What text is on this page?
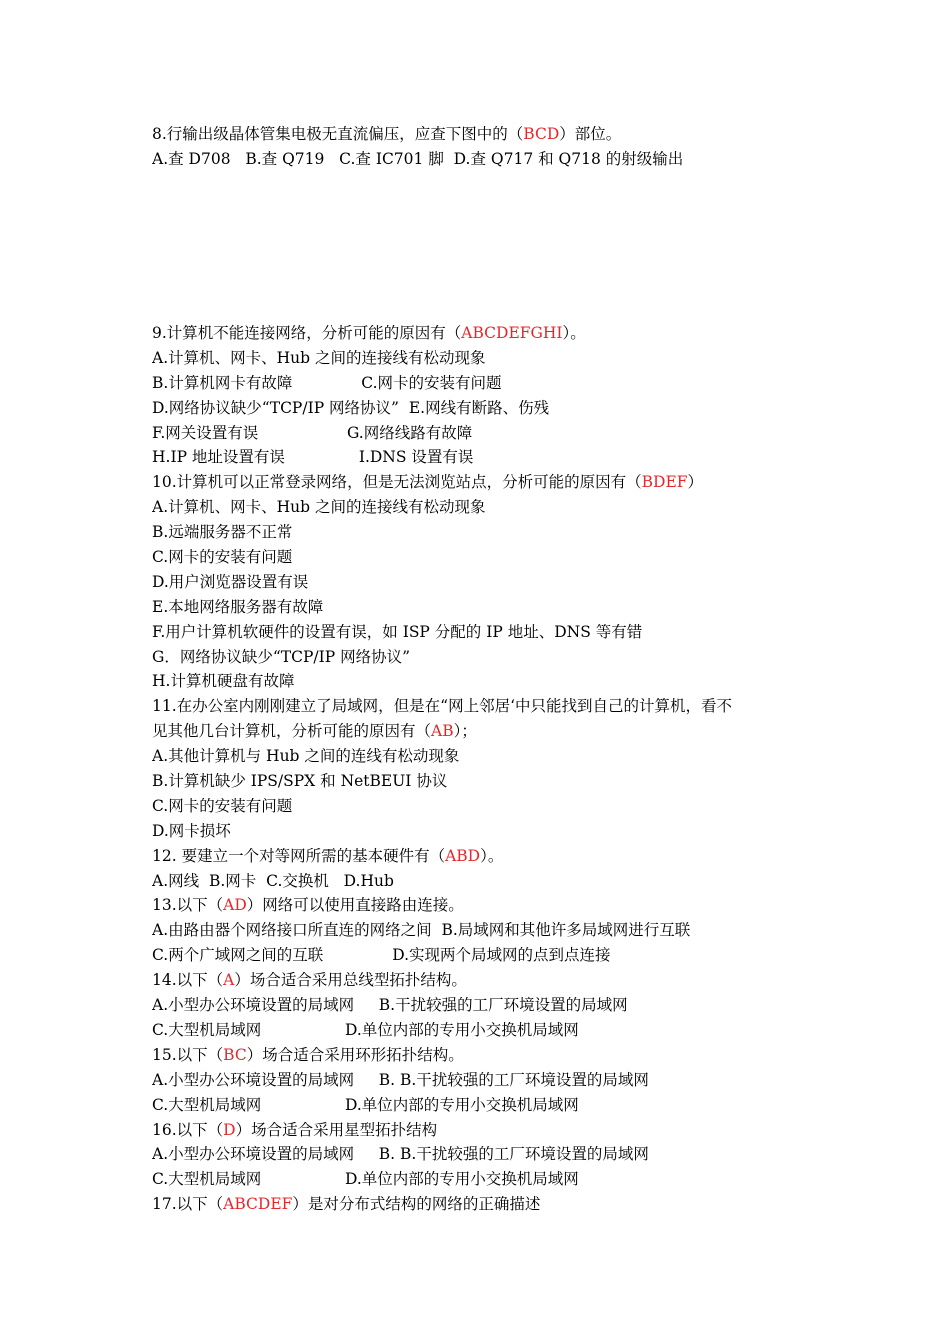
8.行输出级晶体管集电极无直流偏压，应查下图中的（BCD）部位。
A.查 D708   B.查 Q719   C.查 IC701 脚  D.查 Q717 和 Q718 的射级输出
9.计算机不能连接网络，分析可能的原因有（ABCDEFGHI）。
A.计算机、网卡、Hub 之间的连接线有松动现象
B.计算机网卡有故障              C.网卡的安装有问题
D.网络协议缺少“TCP/IP 网络协议”  E.网线有断路、伤残
F.网关设置有误                  G.网络线路有故障
H.IP 地址设置有误               I.DNS 设置有误
10.计算机可以正常登录网络，但是无法浏览站点，分析可能的原因有（BDEF）
A.计算机、网卡、Hub 之间的连接线有松动现象
B.远端服务器不正常
C.网卡的安装有问题
D.用户浏览器设置有误
E.本地网络服务器有故障
F.用户计算机软硬件的设置有误，如 ISP 分配的 IP 地址、DNS 等有错
G．网络协议缺少“TCP/IP 网络协议”
H.计算机硬盘有故障
11.在办公室内刚刚建立了局域网，但是在“网上邻居‘中只能找到自己的计算机，看不
见其他几台计算机，分析可能的原因有（AB）；
A.其他计算机与 Hub 之间的连线有松动现象
B.计算机缺少 IPS/SPX 和 NetBEUI 协议
C.网卡的安装有问题
D.网卡损坏
12. 要建立一个对等网所需的基本硬件有（ABD）。
A.网线  B.网卡  C.交换机   D.Hub
13.以下（AD）网络可以使用直接路由连接。
A.由路由器个网络接口所直连的网络之间  B.局域网和其他许多局域网进行互联
C.两个广域网之间的互联              D.实现两个局域网的点到点连接
14.以下（A）场合适合采用总线型拓扑结构。
A.小型办公环境设置的局域网     B.干扰较强的工厂环境设置的局域网
C.大型机局域网                 D.单位内部的专用小交换机局域网
15.以下（BC）场合适合采用环形拓扑结构。
A.小型办公环境设置的局域网     B. B.干扰较强的工厂环境设置的局域网
C.大型机局域网                 D.单位内部的专用小交换机局域网
16.以下（D）场合适合采用星型拓扑结构
A.小型办公环境设置的局域网     B. B.干扰较强的工厂环境设置的局域网
C.大型机局域网                 D.单位内部的专用小交换机局域网
17.以下（ABCDEF）是对分布式结构的网络的正确描述
